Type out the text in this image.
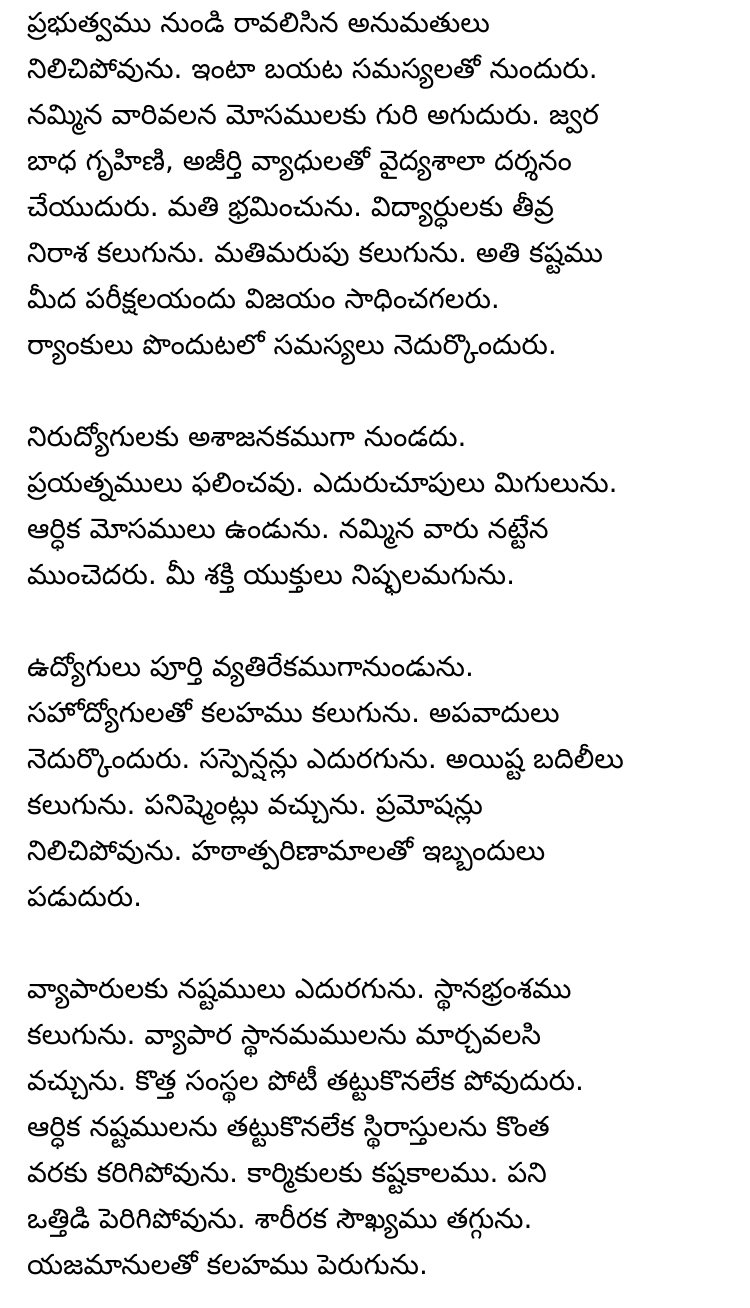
ప్రభుత్వము నుండి రావలిసిన అనుమతులు
నిలిచిపోవును. ఇంటా బయట సమస్యలతో నుందురు.
నమ్మిన వారివలన మోసములకు గురి అగుదురు. జ్వర
బాధ గృహిణి, అజీర్తి వ్యాధులతో వైద్యశాలా దర్శనం
చేయుదురు. మతి భ్రమించును. విద్యార్ధులకు తీవ్ర
నిరాశ కలుగును. మతిమరుపు కలుగును. అతి కష్టము
మీద పరీక్షలయందు విజయం సాధించగలరు.
ర్యాంకులు పొందుటలో సమస్యలు నెదుర్కొందురు.
నిరుద్యోగులకు అశాజనకముగా నుండదు.
ప్రయత్నములు ఫలించవు. ఎదురుచూపులు మిగులును.
ఆర్ధిక మోసములు ఉండును. నమ్మిన వారు నట్టేన
ముంచెదరు. మీ శక్తి యుక్తులు నిష్ఫలమగును.
ఉద్యోగులు పూర్తి వ్యతిరేకముగానుండును.
సహోద్యోగులతో కలహము కలుగును. అపవాదులు
నెదుర్కొందురు. సస్పెన్షన్లు ఎదురగును. అయిష్ట బదిలీలు
కలుగును. పనిష్మెంట్లు వచ్చును. ప్రమోషన్లు
నిలిచిపోవును. హఠాత్పరిణామాలతో ఇబ్బందులు
పడుదురు.
వ్యాపారులకు నష్టములు ఎదురగును. స్థానభ్రంశము
కలుగును. వ్యాపార స్థానమములను మార్చవలసి
వచ్చును. కొత్త సంస్థల పోటీ తట్టుకొనలేక పోవుదురు.
ఆర్ధిక నష్టములను తట్టుకొనలేక స్థిరాస్తులను కొంత
వరకు కరిగిపోవును. కార్మికులకు కష్టకాలము. పని
ఒత్తిడి పెరిగిపోవును. శారీరక సౌఖ్యము తగ్గును.
యజమానులతో కలహము పెరుగును.
